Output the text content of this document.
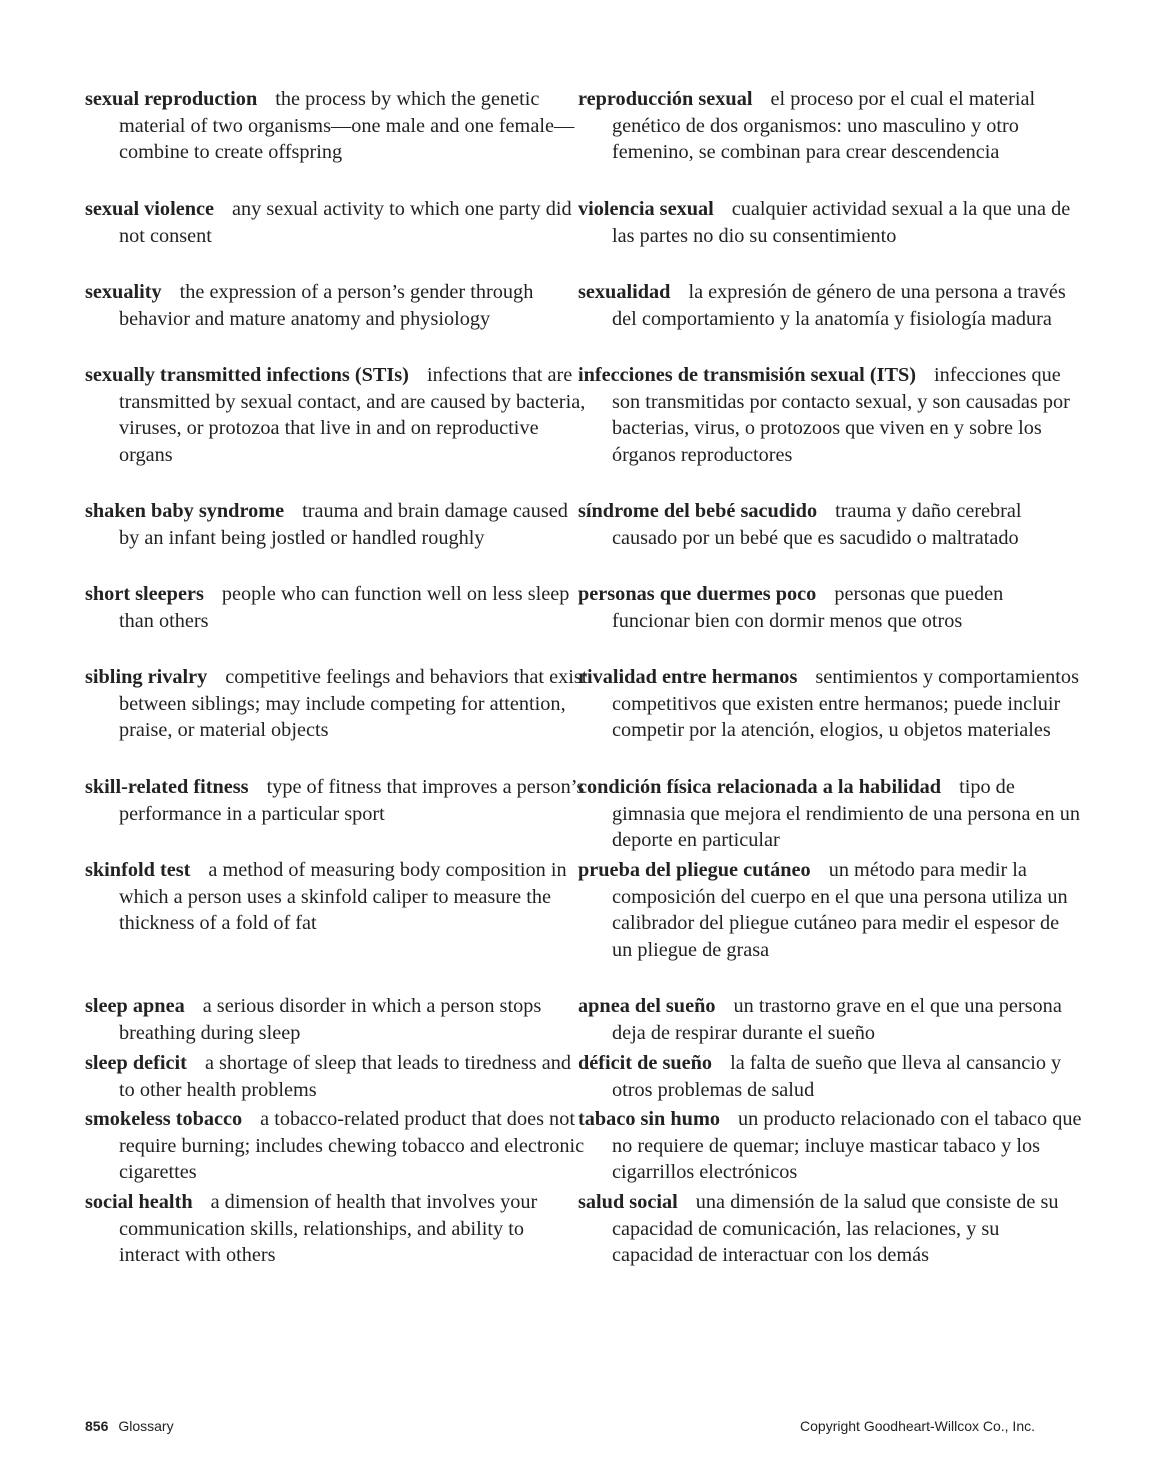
sexual reproduction the process by which the genetic material of two organisms—one male and one female—combine to create offspring

sexual violence any sexual activity to which one party did not consent

sexuality the expression of a person’s gender through behavior and mature anatomy and physiology

sexually transmitted infections (STIs) infections that are transmitted by sexual contact, and are caused by bacteria, viruses, or protozoa that live in and on reproductive organs

shaken baby syndrome trauma and brain damage caused by an infant being jostled or handled roughly

short sleepers people who can function well on less sleep than others

sibling rivalry competitive feelings and behaviors that exist between siblings; may include competing for attention, praise, or material objects

skill-related fitness type of fitness that improves a person’s performance in a particular sport

skinfold test a method of measuring body composition in which a person uses a skinfold caliper to measure the thickness of a fold of fat

sleep apnea a serious disorder in which a person stops breathing during sleep

sleep deficit a shortage of sleep that leads to tiredness and to other health problems

smokeless tobacco a tobacco-related product that does not require burning; includes chewing tobacco and electronic cigarettes

social health a dimension of health that involves your communication skills, relationships, and ability to interact with others

reproducción sexual el proceso por el cual el material genético de dos organismos: uno masculino y otro femenino, se combinan para crear descendencia

violencia sexual cualquier actividad sexual a la que una de las partes no dio su consentimiento

sexualidad la expresión de género de una persona a través del comportamiento y la anatomía y fisiología madura

infecciones de transmisión sexual (ITS) infecciones que son transmitidas por contacto sexual, y son causadas por bacterias, virus, o protozoos que viven en y sobre los órganos reproductores

síndrome del bebé sacudido trauma y daño cerebral causado por un bebé que es sacudido o maltratado

personas que duermes poco personas que pueden funcionar bien con dormir menos que otros

rivalidad entre hermanos sentimientos y comportamientos competitivos que existen entre hermanos; puede incluir competir por la atención, elogios, u objetos materiales

condición física relacionada a la habilidad tipo de gimnasia que mejora el rendimiento de una persona en un deporte en particular

prueba del pliegue cutáneo un método para medir la composición del cuerpo en el que una persona utiliza un calibrador del pliegue cutáneo para medir el espesor de un pliegue de grasa

apnea del sueño un trastorno grave en el que una persona deja de respirar durante el sueño

déficit de sueño la falta de sueño que lleva al cansancio y otros problemas de salud

tabaco sin humo un producto relacionado con el tabaco que no requiere de quemar; incluye masticar tabaco y los cigarrillos electrónicos

salud social una dimensión de la salud que consiste de su capacidad de comunicación, las relaciones, y su capacidad de interactuar con los demás

856 Glossary	Copyright Goodheart-Willcox Co., Inc.
